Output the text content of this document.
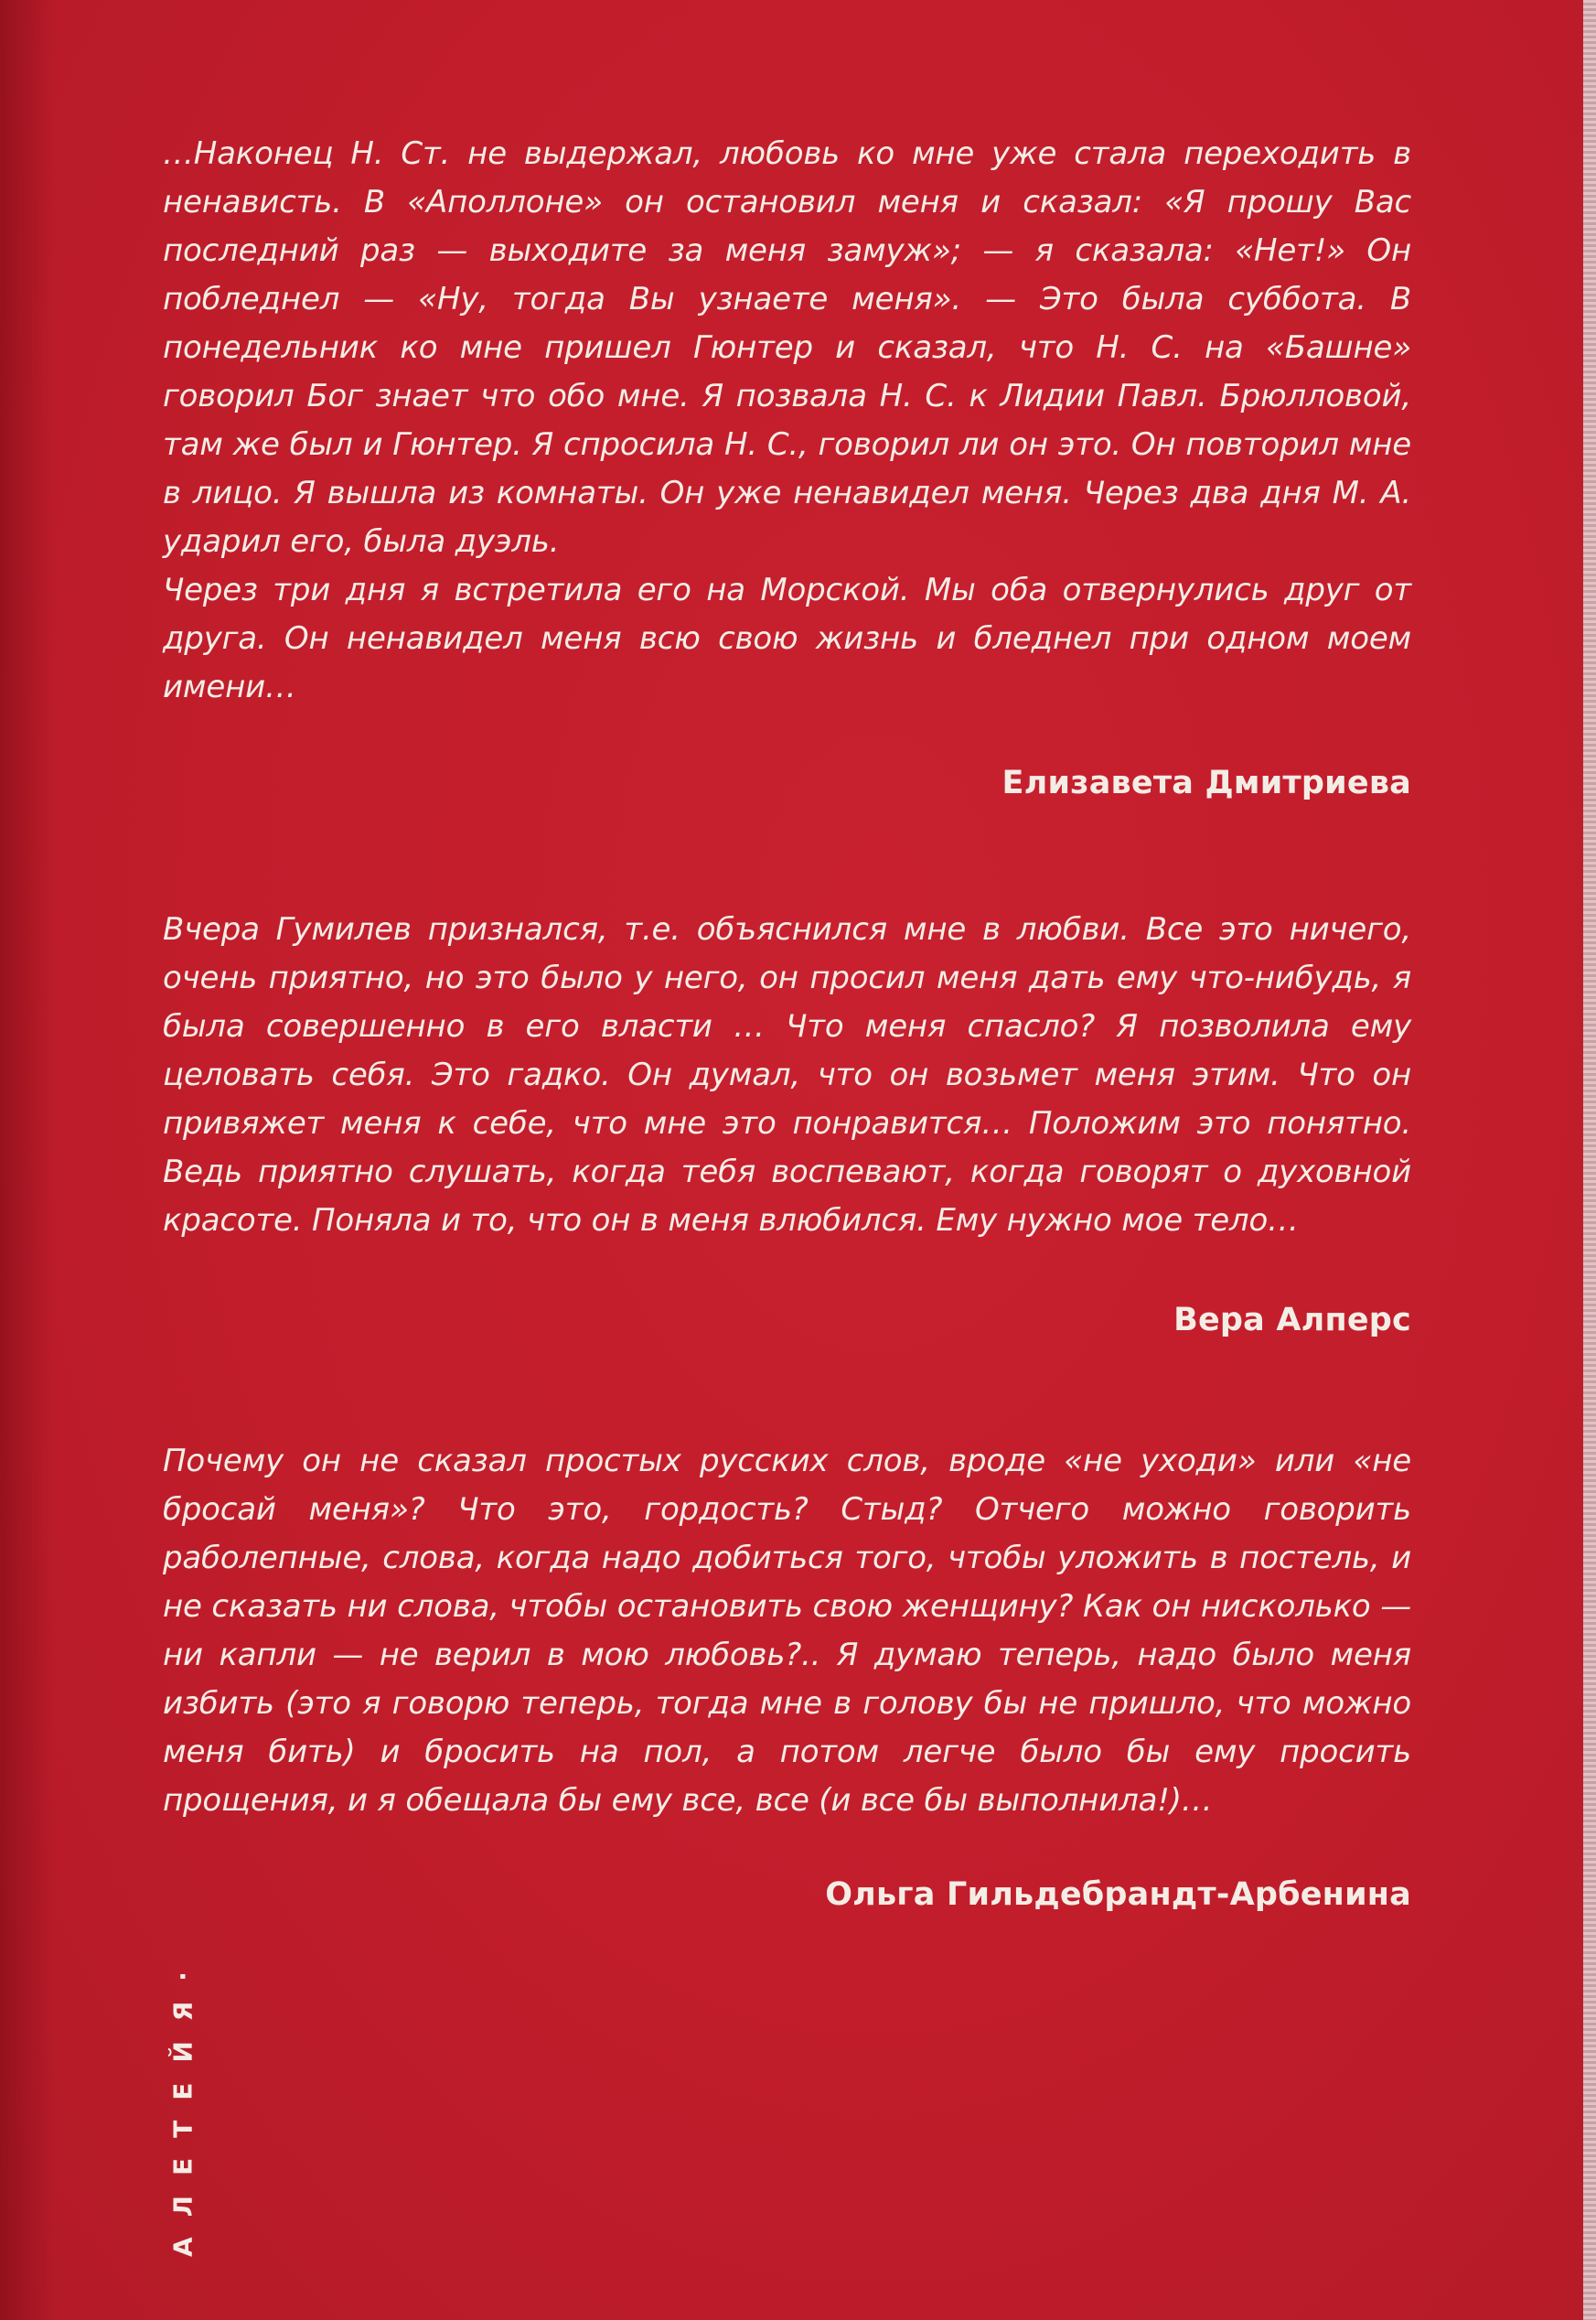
…Наконец Н. Ст. не выдержал, любовь ко мне уже стала переходить в ненависть. В «Аполлоне» он остановил меня и сказал: «Я прошу Вас последний раз — выходите за меня замуж»; — я сказала: «Нет!» Он побледнел — «Ну, тогда Вы узнаете меня». — Это была суббота. В понедельник ко мне пришел Гюнтер и сказал, что Н. С. на «Башне» говорил Бог знает что обо мне. Я позвала Н. С. к Лидии Павл. Брюлловой, там же был и Гюнтер. Я спросила Н. С., говорил ли он это. Он повторил мне в лицо. Я вышла из комнаты. Он уже ненавидел меня. Через два дня М. А. ударил его, была дуэль.
Через три дня я встретила его на Морской. Мы оба отвернулись друг от друга. Он ненавидел меня всю свою жизнь и бледнел при одном моем имени…

Елизавета Дмитриева

Вчера Гумилев признался, т.е. объяснился мне в любви. Все это ничего, очень приятно, но это было у него, он просил меня дать ему что-нибудь, я была совершенно в его власти … Что меня спасло? Я позволила ему целовать себя. Это гадко. Он думал, что он возьмет меня этим. Что он привяжет меня к себе, что мне это понравится… Положим это понятно. Ведь приятно слушать, когда тебя воспевают, когда говорят о духовной красоте. Поняла и то, что он в меня влюбился. Ему нужно мое тело…

Вера Алперс

Почему он не сказал простых русских слов, вроде «не уходи» или «не бросай меня»? Что это, гордость? Стыд? Отчего можно говорить раболепные, слова, когда надо добиться того, чтобы уложить в постель, и не сказать ни слова, чтобы остановить свою женщину? Как он нисколько — ни капли — не верил в мою любовь?.. Я думаю теперь, надо было меня избить (это я говорю теперь, тогда мне в голову бы не пришло, что можно меня бить) и бросить на пол, а потом легче было бы ему просить прощения, и я обещала бы ему все, все (и все бы выполнила!)…

Ольга Гильдебрандт-Арбенина
АЛЕТЕЙЯ·
